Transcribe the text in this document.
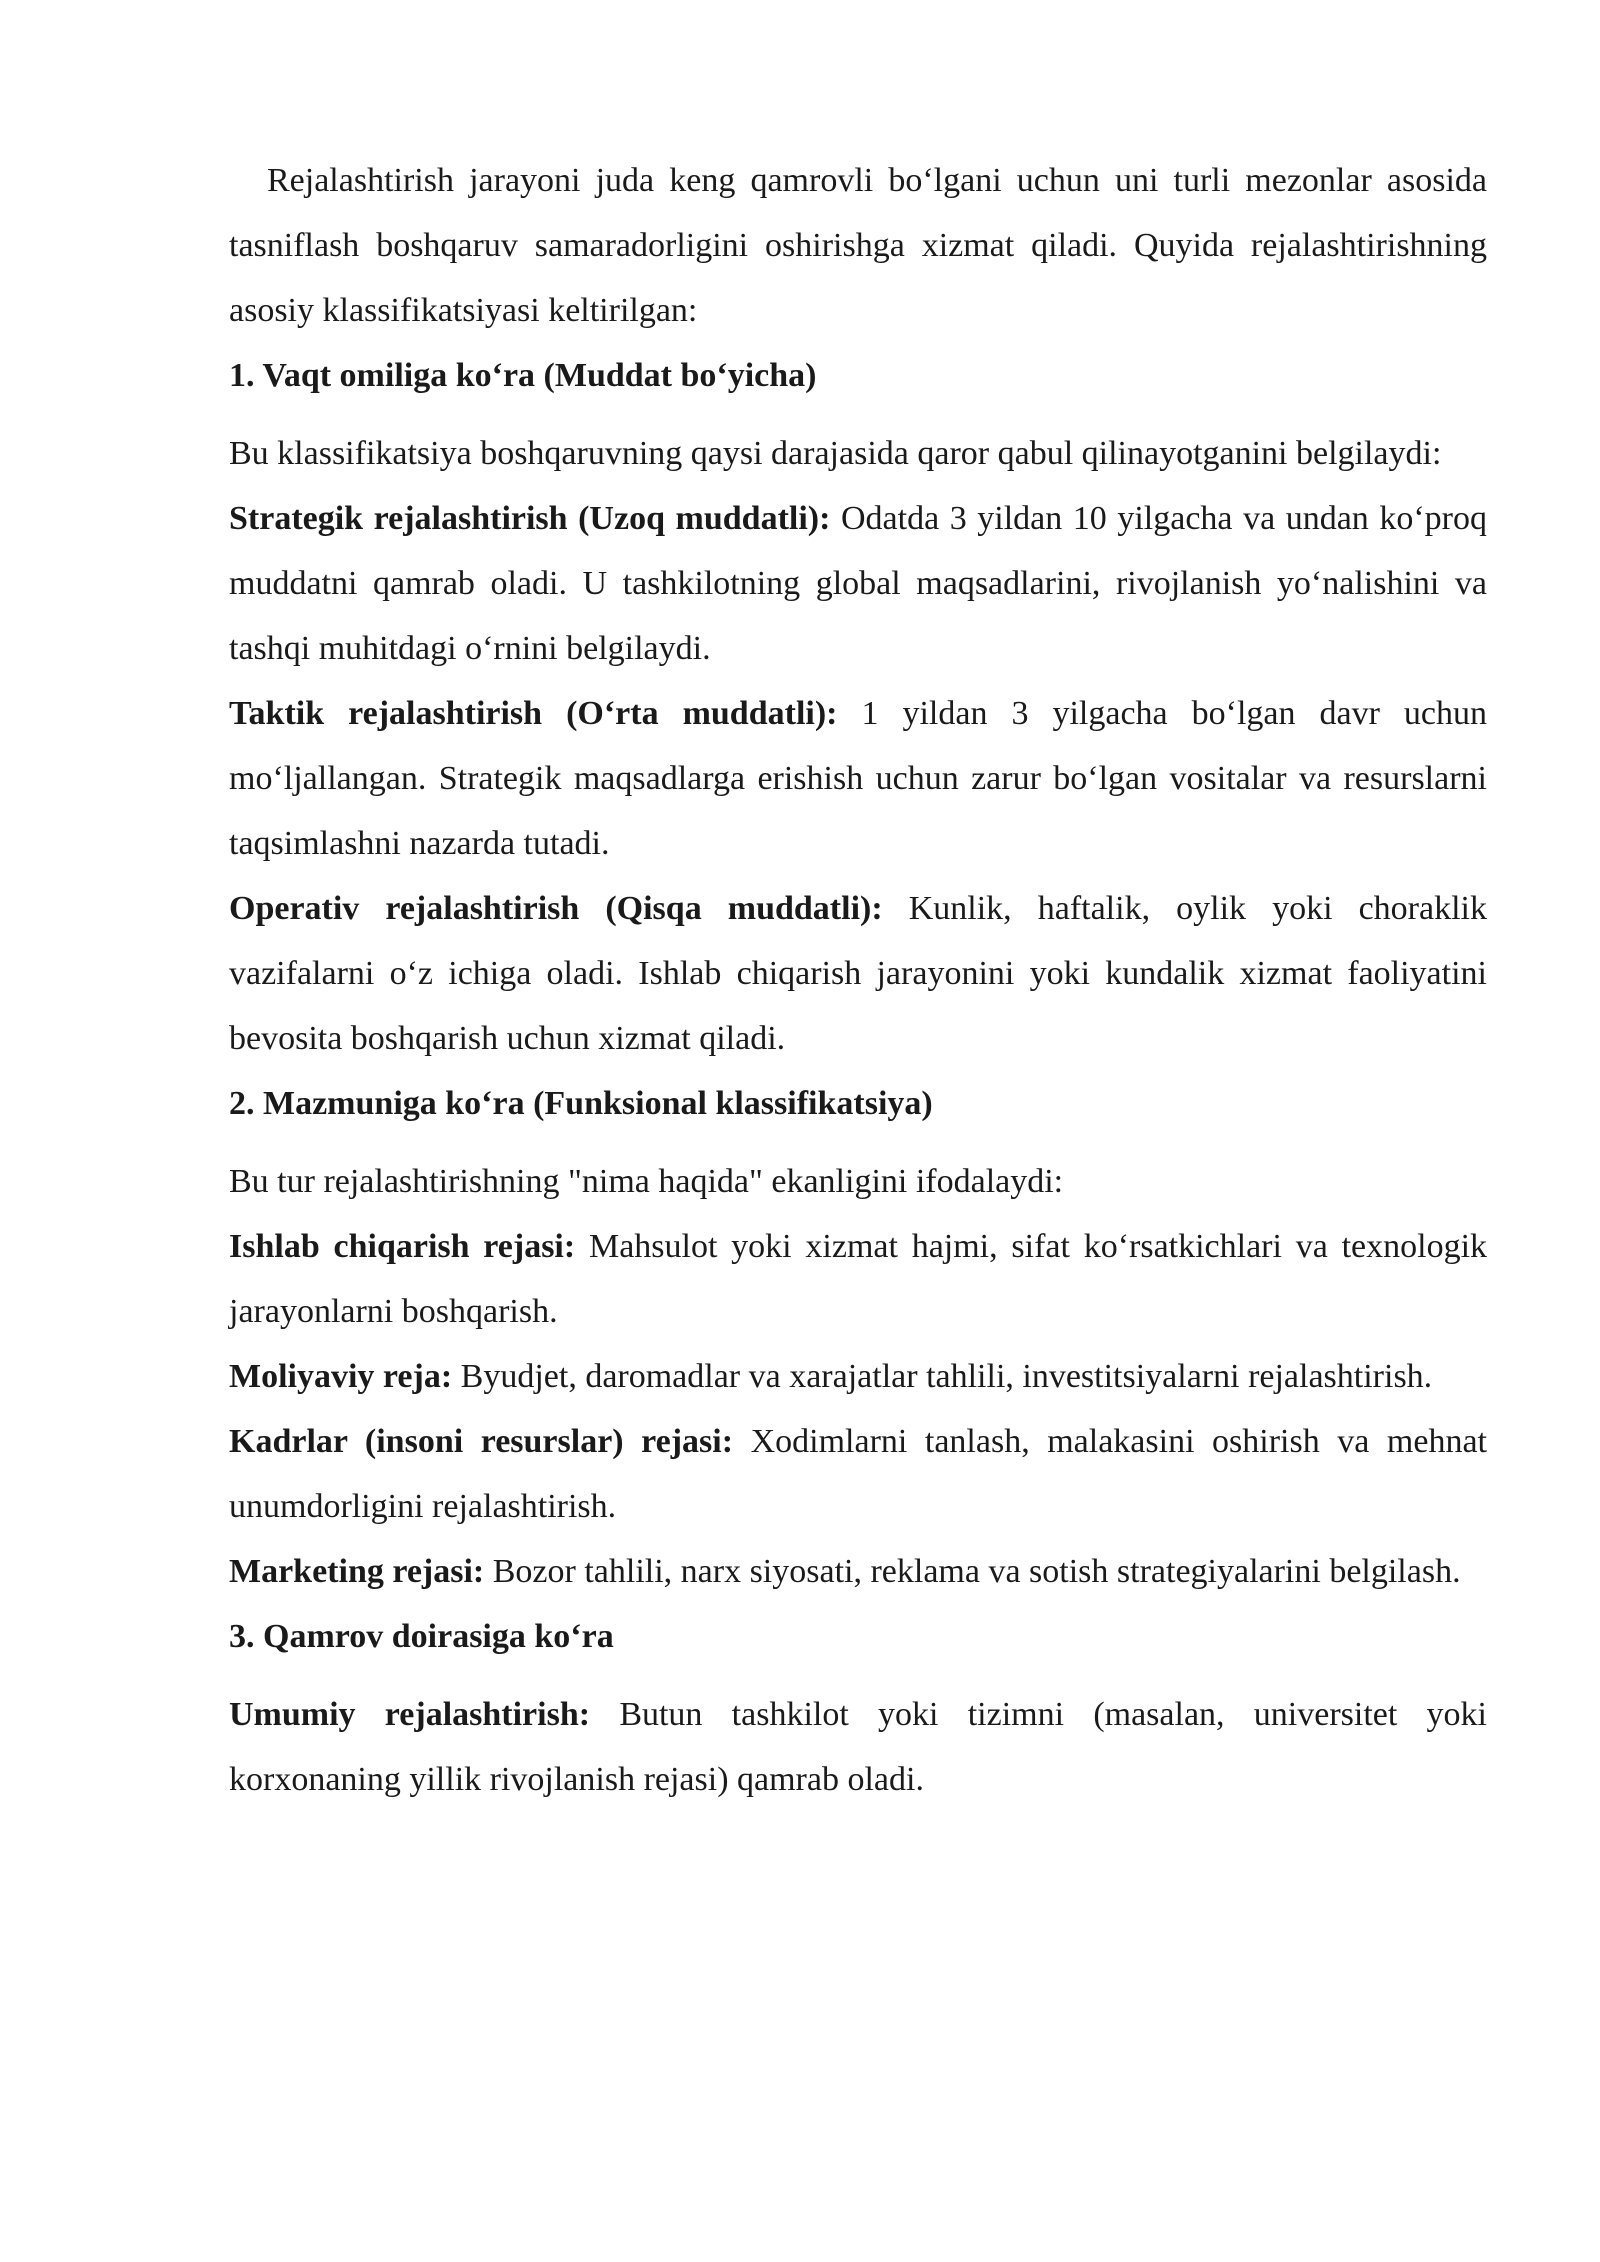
Rejalashtirish jarayoni juda keng qamrovli bo‘lgani uchun uni turli mezonlar asosida tasniflash boshqaruv samaradorligini oshirishga xizmat qiladi. Quyida rejalashtirishning asosiy klassifikatsiyasi keltirilgan:

1. Vaqt omiliga ko‘ra (Muddat bo‘yicha)

Bu klassifikatsiya boshqaruvning qaysi darajasida qaror qabul qilinayotganini belgilaydi:

Strategik rejalashtirish (Uzoq muddatli): Odatda 3 yildan 10 yilgacha va undan ko‘proq muddatni qamrab oladi. U tashkilotning global maqsadlarini, rivojlanish yo‘nalishini va tashqi muhitdagi o‘rnini belgilaydi.

Taktik rejalashtirish (O‘rta muddatli): 1 yildan 3 yilgacha bo‘lgan davr uchun mo‘ljallangan. Strategik maqsadlarga erishish uchun zarur bo‘lgan vositalar va resurslarni taqsimlashni nazarda tutadi.

Operativ rejalashtirish (Qisqa muddatli): Kunlik, haftalik, oylik yoki choraklik vazifalarni o‘z ichiga oladi. Ishlab chiqarish jarayonini yoki kundalik xizmat faoliyatini bevosita boshqarish uchun xizmat qiladi.

2. Mazmuniga ko‘ra (Funksional klassifikatsiya)

Bu tur rejalashtirishning "nima haqida" ekanligini ifodalaydi:

Ishlab chiqarish rejasi: Mahsulot yoki xizmat hajmi, sifat ko‘rsatkichlari va texnologik jarayonlarni boshqarish.

Moliyaviy reja: Byudjet, daromadlar va xarajatlar tahlili, investitsiyalarni rejalashtirish.

Kadrlar (insoni resurslar) rejasi: Xodimlarni tanlash, malakasini oshirish va mehnat unumdorligini rejalashtirish.

Marketing rejasi: Bozor tahlili, narx siyosati, reklama va sotish strategiyalarini belgilash.

3. Qamrov doirasiga ko‘ra

Umumiy rejalashtirish: Butun tashkilot yoki tizimni (masalan, universitet yoki korxonaning yillik rivojlanish rejasi) qamrab oladi.
